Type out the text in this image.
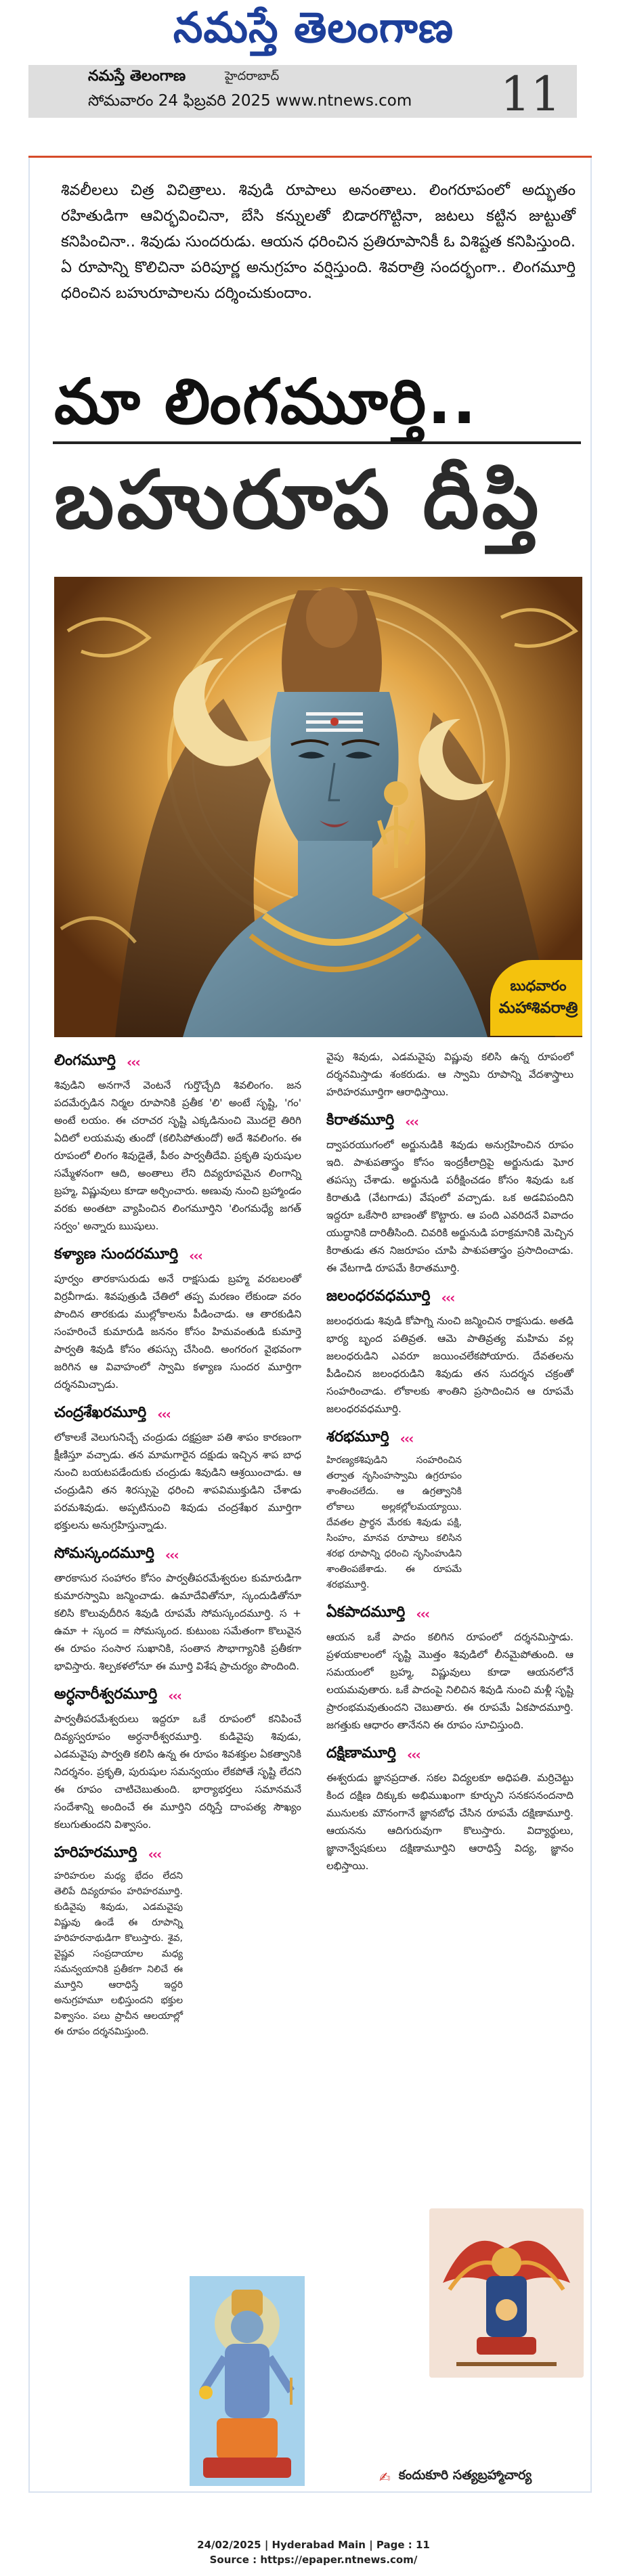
నమస్తే తెలంగాణ
నమస్తే తెలంగాణ	హైదరాబాద్
సోమవారం 24 ఫిబ్రవరి 2025 www.ntnews.com 11

శివలీలలు చిత్ర విచిత్రాలు. శివుడి రూపాలు అనంతాలు. లింగరూపంలో అద్భుతం రహితుడిగా ఆవిర్భవించినా, బేసి కన్నులతో బిడారగొట్టినా, జటలు కట్టిన జుట్టుతో కనిపించినా.. శివుడు సుందరుడు. ఆయన ధరించిన ప్రతిరూపానికీ ఓ విశిష్టత కనిపిస్తుంది. ఏ రూపాన్ని కొలిచినా పరిపూర్ణ అనుగ్రహం వర్షిస్తుంది. శివరాత్రి సందర్భంగా.. లింగమూర్తి ధరించిన బహురూపాలను దర్శించుకుందాం.

మా లింగమూర్తి..
బహురూప దీప్తి
బుధవారం
మహాశివరాత్రి
లింగమూర్తి ‹‹‹

శివుడిని అనగానే వెంటనే గుర్తొచ్చేది శివలింగం. జన పదమేర్పడిన నిర్మల రూపానికి ప్రతీక 'లి' అంటే సృష్టి, 'గం' అంటే లయం. ఈ చరాచర సృష్టి ఎక్కడినుంచి మొదలై తిరిగి ఏదిలో లయమవు తుందో (కలిసిపోతుందో) అదే శివలింగం. ఈ రూపంలో లింగం శివుడైతే, పీఠం పార్వతీదేవి. ప్రకృతి పురుషుల సమ్మేళనంగా ఆది, అంతాలు లేని దివ్యరూపమైన లింగాన్ని బ్రహ్మ, విష్ణువులు కూడా అర్చించారు. అణువు నుంచి బ్రహ్మాండం వరకు అంతటా వ్యాపించిన లింగమూర్తిని 'లింగమధ్యే జగత్ సర్వం' అన్నారు ఋషులు.

కళ్యాణ సుందరమూర్తి ‹‹‹

పూర్వం తారకాసురుడు అనే రాక్షసుడు బ్రహ్మ వరబలంతో విర్రవీగాడు. శివపుత్రుడి చేతిలో తప్ప మరణం లేకుండా వరం పొందిన తారకుడు ముల్లోకాలను పీడించాడు. ఆ తారకుడిని సంహరించే కుమారుడి జననం కోసం హిమవంతుడి కుమార్తె పార్వతి శివుడి కోసం తపస్సు చేసింది. అంగరంగ వైభవంగా జరిగిన ఆ వివాహంలో స్వామి కళ్యాణ సుందర మూర్తిగా దర్శనమిచ్చాడు.

చంద్రశేఖరమూర్తి ‹‹‹

లోకాలకే వెలుగునిచ్చే చంద్రుడు దక్షప్రజా పతి శాపం కారణంగా క్షీణిస్తూ వచ్చాడు. తన మామగారైన దక్షుడు ఇచ్చిన శాప బాధ నుంచి బయటపడేందుకు చంద్రుడు శివుడిని ఆశ్రయించాడు. ఆ చంద్రుడిని తన శిరస్సుపై ధరించి శాపవిముక్తుడిని చేశాడు పరమశివుడు. అప్పటినుంచి శివుడు చంద్రశేఖర మూర్తిగా భక్తులను అనుగ్రహిస్తున్నాడు.

సోమస్కందమూర్తి ‹‹‹

తారకాసుర సంహారం కోసం పార్వతీపరమేశ్వరుల కుమారుడిగా కుమారస్వామి జన్మించాడు. ఉమాదేవితోనూ, స్కందుడితోనూ కలిసి కొలువుదీరిన శివుడి రూపమే సోమస్కందమూర్తి. స + ఉమా + స్కంద = సోమస్కంద. కుటుంబ సమేతంగా కొలువైన ఈ రూపం సంసార సుఖానికి, సంతాన సౌభాగ్యానికి ప్రతీకగా భావిస్తారు. శిల్పకళలోనూ ఈ మూర్తి విశేష ప్రాచుర్యం పొందింది.

అర్ధనారీశ్వరమూర్తి ‹‹‹

పార్వతీపరమేశ్వరులు ఇద్దరూ ఒకే రూపంలో కనిపించే దివ్యస్వరూపం అర్ధనారీశ్వరమూర్తి. కుడివైపు శివుడు, ఎడమవైపు పార్వతి కలిసి ఉన్న ఈ రూపం శివశక్తుల ఏకత్వానికి నిదర్శనం. ప్రకృతి, పురుషుల సమన్వయం లేకపోతే సృష్టి లేదని ఈ రూపం చాటిచెబుతుంది. భార్యాభర్తలు సమానమనే సందేశాన్ని అందించే ఈ మూర్తిని దర్శిస్తే దాంపత్య సౌఖ్యం కలుగుతుందని విశ్వాసం.

హరిహరమూర్తి ‹‹‹

హరిహరుల మధ్య భేదం లేదని తెలిపే దివ్యరూపం హరిహరమూర్తి. కుడివైపు శివుడు, ఎడమవైపు విష్ణువు ఉండే ఈ రూపాన్ని హరిహరనాథుడిగా కొలుస్తారు. శైవ, వైష్ణవ సంప్రదాయాల మధ్య సమన్వయానికి ప్రతీకగా నిలిచే ఈ మూర్తిని ఆరాధిస్తే ఇద్దరి అనుగ్రహమూ లభిస్తుందని భక్తుల విశ్వాసం. పలు ప్రాచీన ఆలయాల్లో ఈ రూపం దర్శనమిస్తుంది.

వైపు శివుడు, ఎడమవైపు విష్ణువు కలిసి ఉన్న రూపంలో దర్శనమిస్తాడు శంకరుడు. ఆ స్వామి రూపాన్ని వేదశాస్త్రాలు హరిహరమూర్తిగా ఆరాధిస్తాయి.

కిరాతమూర్తి ‹‹‹

ద్వాపరయుగంలో అర్జునుడికి శివుడు అనుగ్రహించిన రూపం ఇది. పాశుపతాస్త్రం కోసం ఇంద్రకీలాద్రిపై అర్జునుడు ఘోర తపస్సు చేశాడు. అర్జునుడి పరీక్షించడం కోసం శివుడు ఒక కిరాతుడి (వేటగాడు) వేషంలో వచ్చాడు. ఒక అడవిపందిని ఇద్దరూ ఒకేసారి బాణంతో కొట్టారు. ఆ పంది ఎవరిదనే వివాదం యుద్ధానికి దారితీసింది. చివరికి అర్జునుడి పరాక్రమానికి మెచ్చిన కిరాతుడు తన నిజరూపం చూపి పాశుపతాస్త్రం ప్రసాదించాడు. ఈ వేటగాడి రూపమే కిరాతమూర్తి.

జలంధరవధమూర్తి ‹‹‹

జలంధరుడు శివుడి కోపాగ్ని నుంచి జన్మించిన రాక్షసుడు. అతడి భార్య బృంద పతివ్రత. ఆమె పాతివ్రత్య మహిమ వల్ల జలంధరుడిని ఎవరూ జయించలేకపోయారు. దేవతలను పీడించిన జలంధరుడిని శివుడు తన సుదర్శన చక్రంతో సంహరించాడు. లోకాలకు శాంతిని ప్రసాదించిన ఆ రూపమే జలంధరవధమూర్తి.

శరభమూర్తి ‹‹‹

హిరణ్యకశిపుడిని సంహరించిన తర్వాత నృసింహస్వామి ఉగ్రరూపం శాంతించలేదు. ఆ ఉగ్రత్వానికి లోకాలు అల్లకల్లోలమయ్యాయి. దేవతల ప్రార్థన మేరకు శివుడు పక్షి, సింహం, మానవ రూపాలు కలిసిన శరభ రూపాన్ని ధరించి నృసింహుడిని శాంతింపజేశాడు. ఈ రూపమే శరభమూర్తి.

ఏకపాదమూర్తి ‹‹‹

ఆయన ఒకే పాదం కలిగిన రూపంలో దర్శనమిస్తాడు. ప్రళయకాలంలో సృష్టి మొత్తం శివుడిలో లీనమైపోతుంది. ఆ సమయంలో బ్రహ్మ, విష్ణువులు కూడా ఆయనలోనే లయమవుతారు. ఒకే పాదంపై నిలిచిన శివుడి నుంచి మళ్లీ సృష్టి ప్రారంభమవుతుందని చెబుతారు. ఈ రూపమే ఏకపాదమూర్తి. జగత్తుకు ఆధారం తానేనని ఈ రూపం సూచిస్తుంది.

దక్షిణామూర్తి ‹‹‹

ఈశ్వరుడు జ్ఞానప్రదాత. సకల విద్యలకూ అధిపతి. మర్రిచెట్టు కింద దక్షిణ దిక్కుకు అభిముఖంగా కూర్చుని సనకసనందనాది మునులకు మౌనంగానే జ్ఞానబోధ చేసిన రూపమే దక్షిణామూర్తి. ఆయనను ఆదిగురువుగా కొలుస్తారు. విద్యార్థులు, జ్ఞానాన్వేషకులు దక్షిణామూర్తిని ఆరాధిస్తే విద్య, జ్ఞానం లభిస్తాయి.

✍ కందుకూరి సత్యబ్రహ్మాచార్య
24/02/2025 | Hyderabad Main | Page : 11
Source : https://epaper.ntnews.com/
